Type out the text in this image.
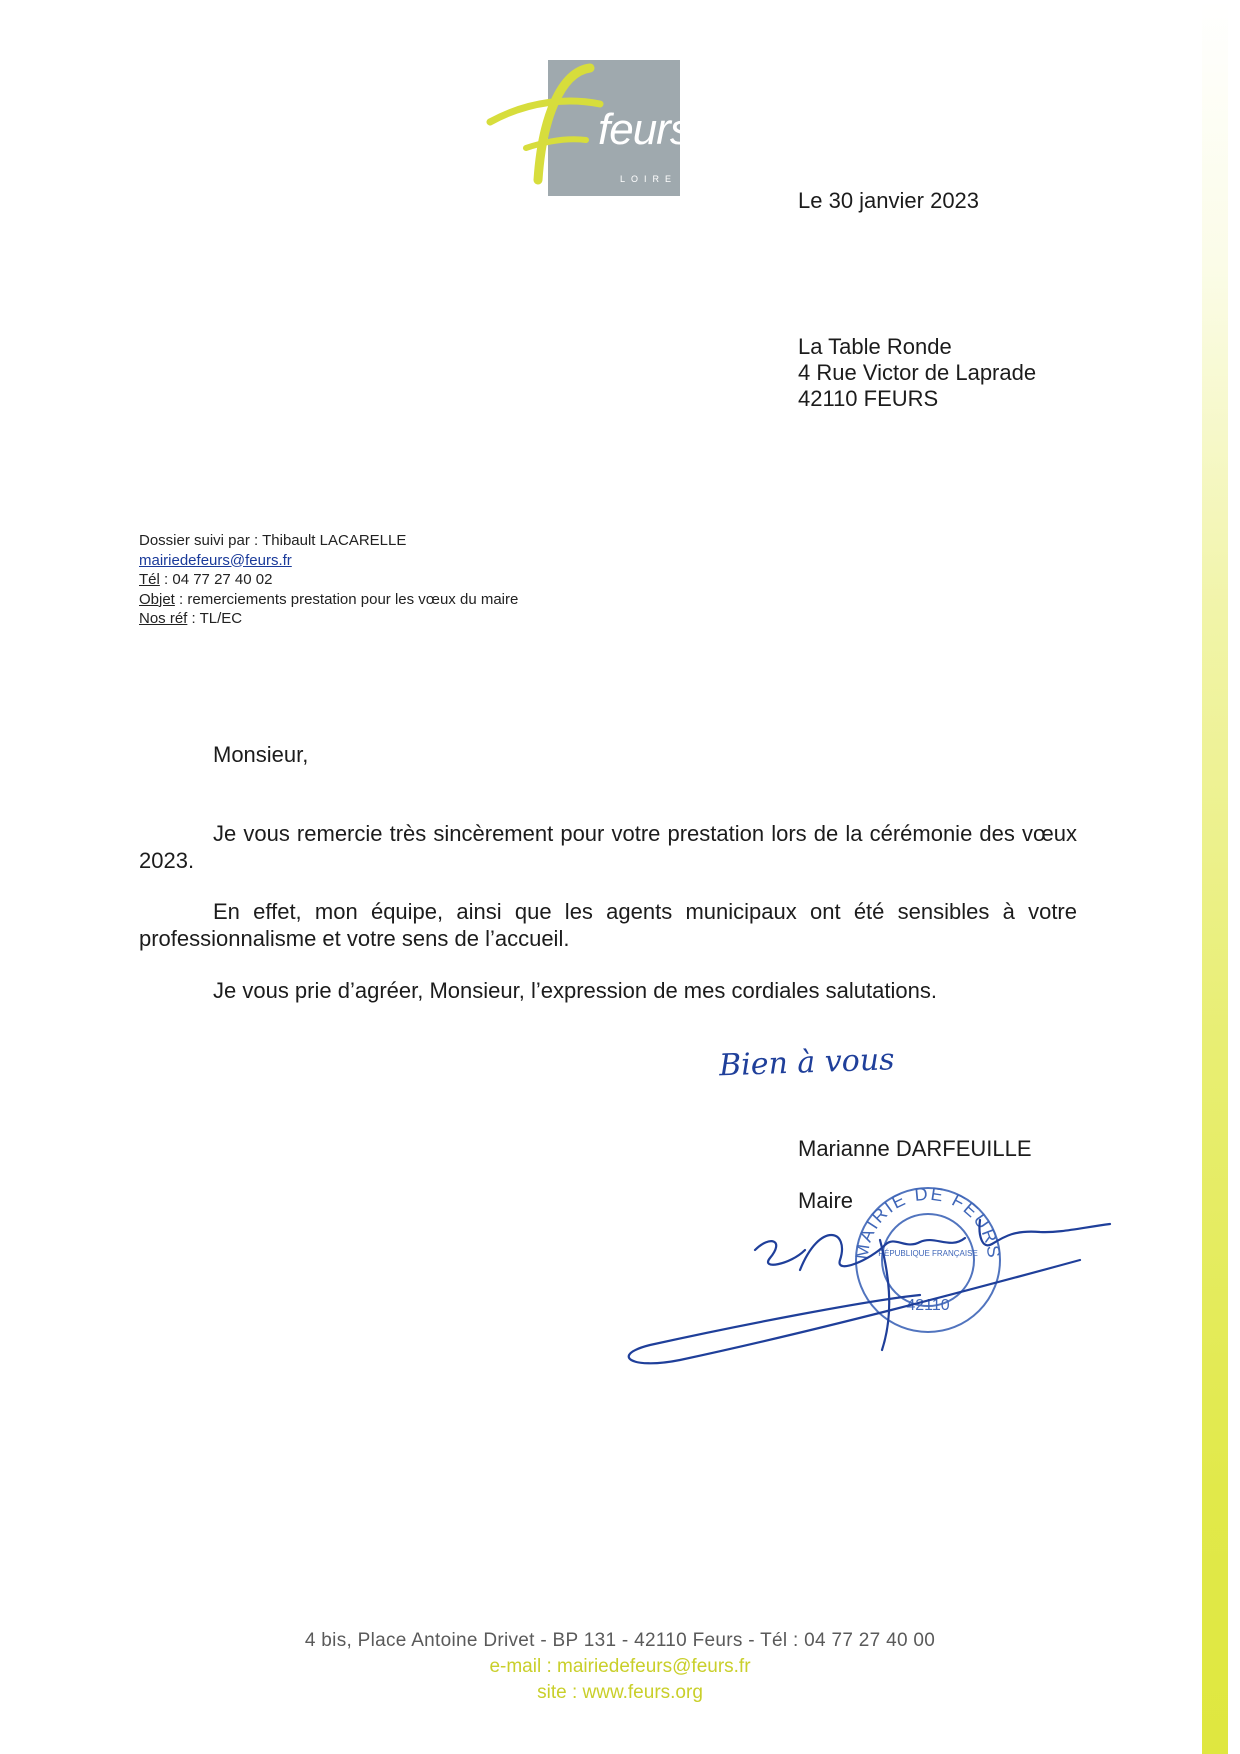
feurs
LOIRE
Le 30 janvier 2023
La Table Ronde
4 Rue Victor de Laprade
42110 FEURS
Dossier suivi par : Thibault LACARELLE
mairiedefeurs@feurs.fr
Tél : 04 77 27 40 02
Objet : remerciements prestation pour les vœux du maire
Nos réf : TL/EC
Monsieur,
Je vous remercie très sincèrement pour votre prestation lors de la cérémonie des vœux 2023.
En effet, mon équipe, ainsi que les agents municipaux ont été sensibles à votre professionnalisme et votre sens de l’accueil.
Je vous prie d’agréer, Monsieur, l’expression de mes cordiales salutations.
Bien à vous
Marianne DARFEUILLE
Maire
MAIRIE DE FEURS
RÉPUBLIQUE FRANÇAISE
42110
4 bis, Place Antoine Drivet - BP 131 - 42110 Feurs - Tél : 04 77 27 40 00
e-mail : mairiedefeurs@feurs.fr
site : www.feurs.org
